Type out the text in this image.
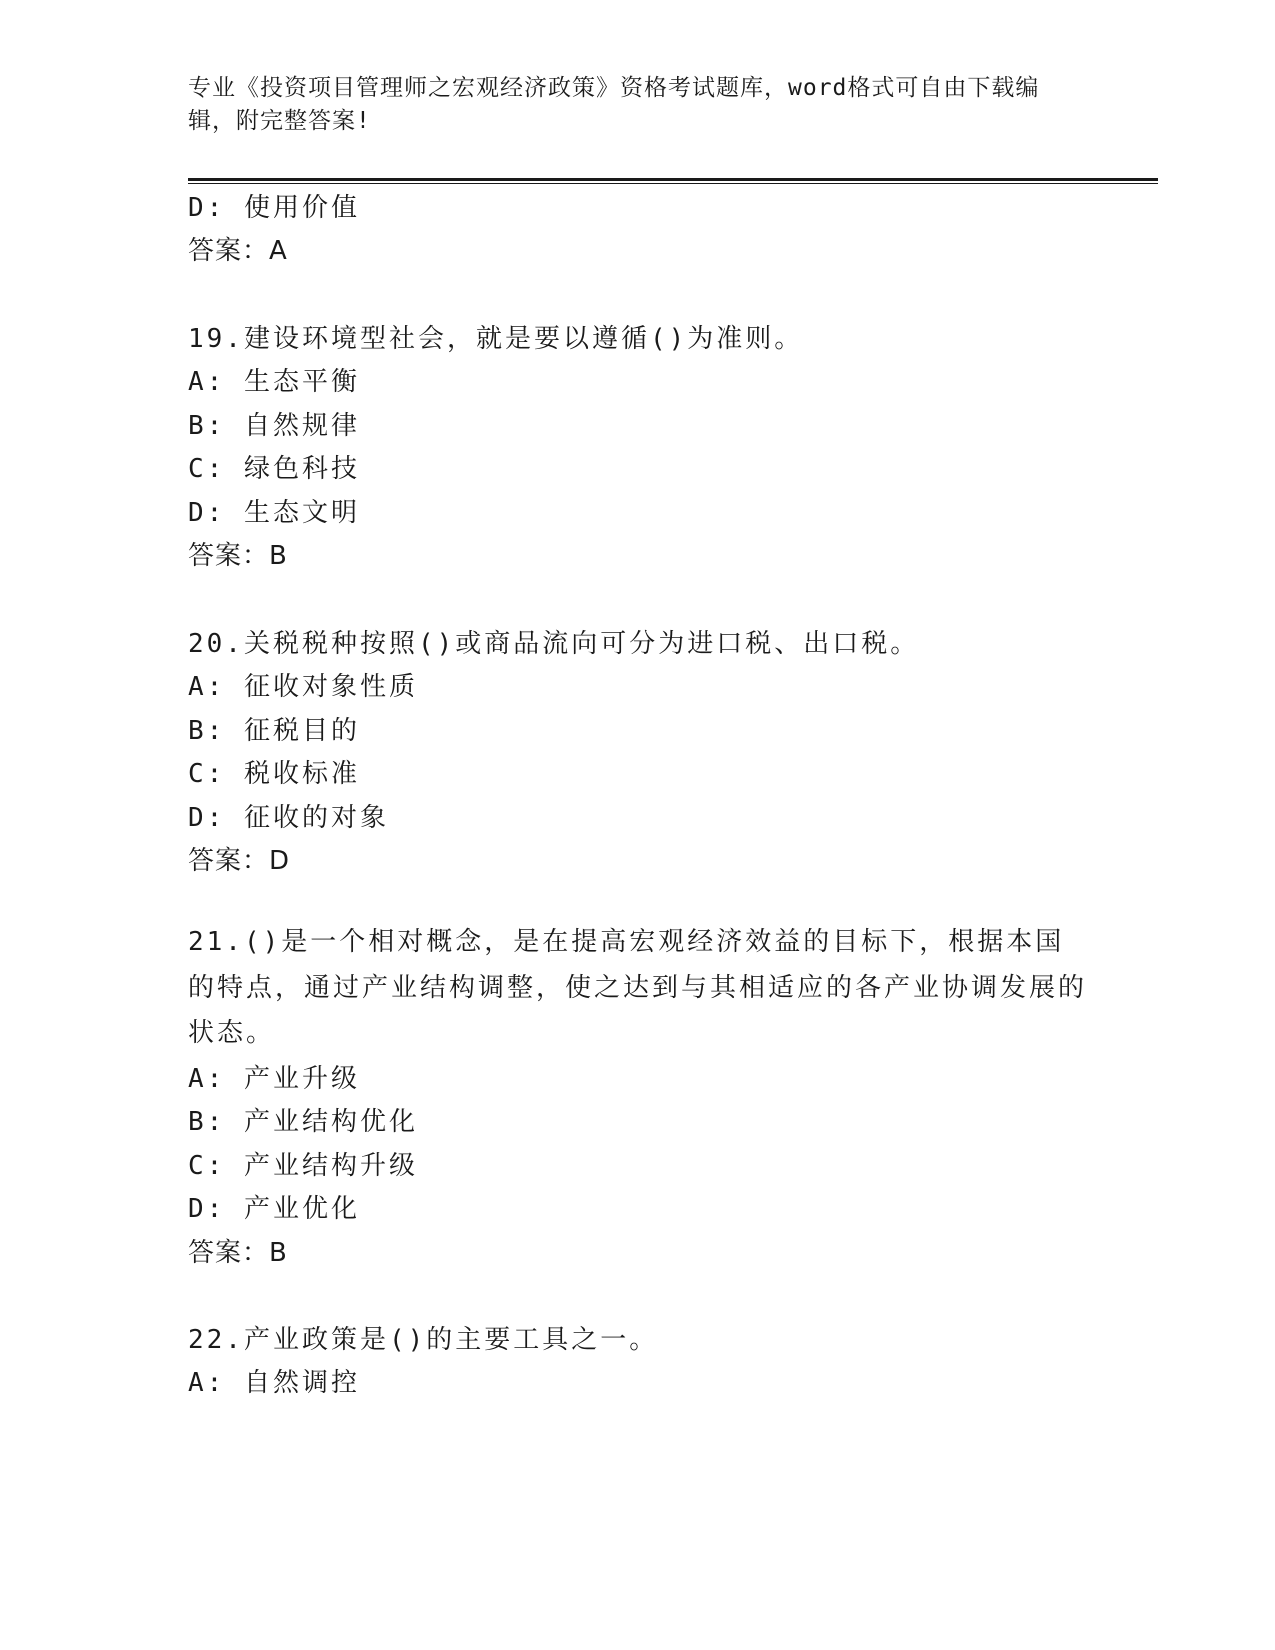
专业《投资项目管理师之宏观经济政策》资格考试题库，word格式可自由下载编辑，附完整答案!
D: 使用价值
答案：A
19.建设环境型社会，就是要以遵循()为准则。
A: 生态平衡
B: 自然规律
C: 绿色科技
D: 生态文明
答案：B
20.关税税种按照()或商品流向可分为进口税、出口税。
A: 征收对象性质
B: 征税目的
C: 税收标准
D: 征收的对象
答案：D
21.()是一个相对概念，是在提高宏观经济效益的目标下，根据本国的特点，通过产业结构调整，使之达到与其相适应的各产业协调发展的状态。
A: 产业升级
B: 产业结构优化
C: 产业结构升级
D: 产业优化
答案：B
22.产业政策是()的主要工具之一。
A: 自然调控
